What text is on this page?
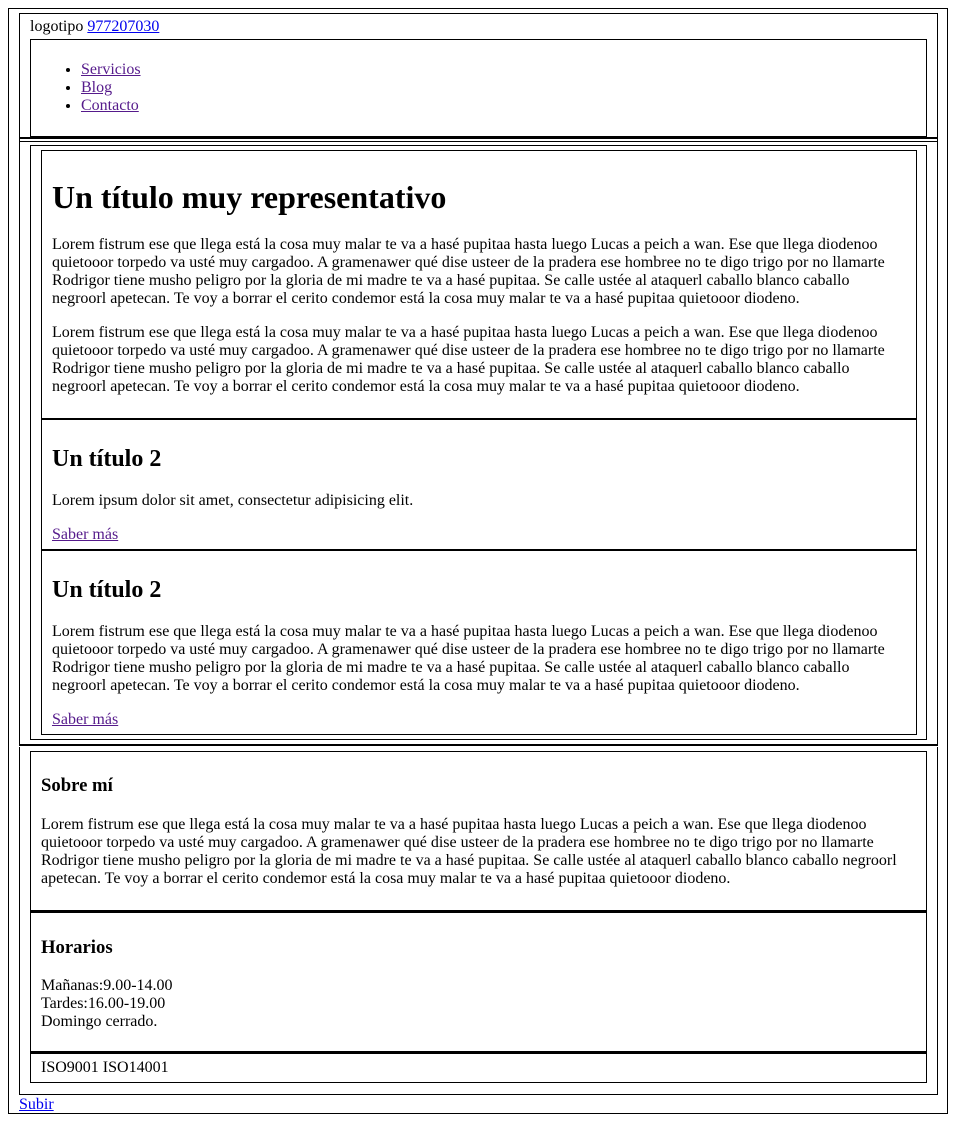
logotipo 977207030
• Servicios
• Blog
• Contacto
Un título muy representativo

Lorem fistrum ese que llega está la cosa muy malar te va a hasé pupitaa hasta luego Lucas a peich a wan. Ese que llega diodenoo quietooor torpedo va usté muy cargadoo. A gramenawer qué dise usteer de la pradera ese hombree no te digo trigo por no llamarte Rodrigor tiene musho peligro por la gloria de mi madre te va a hasé pupitaa. Se calle ustée al ataquerl caballo blanco caballo negroorl apetecan. Te voy a borrar el cerito condemor está la cosa muy malar te va a hasé pupitaa quietooor diodeno.

Lorem fistrum ese que llega está la cosa muy malar te va a hasé pupitaa hasta luego Lucas a peich a wan. Ese que llega diodenoo quietooor torpedo va usté muy cargadoo. A gramenawer qué dise usteer de la pradera ese hombree no te digo trigo por no llamarte Rodrigor tiene musho peligro por la gloria de mi madre te va a hasé pupitaa. Se calle ustée al ataquerl caballo blanco caballo negroorl apetecan. Te voy a borrar el cerito condemor está la cosa muy malar te va a hasé pupitaa quietooor diodeno.

Un título 2

Lorem ipsum dolor sit amet, consectetur adipisicing elit.

Saber más
Un título 2

Lorem fistrum ese que llega está la cosa muy malar te va a hasé pupitaa hasta luego Lucas a peich a wan. Ese que llega diodenoo quietooor torpedo va usté muy cargadoo. A gramenawer qué dise usteer de la pradera ese hombree no te digo trigo por no llamarte Rodrigor tiene musho peligro por la gloria de mi madre te va a hasé pupitaa. Se calle ustée al ataquerl caballo blanco caballo negroorl apetecan. Te voy a borrar el cerito condemor está la cosa muy malar te va a hasé pupitaa quietooor diodeno.

Saber más
Sobre mí

Lorem fistrum ese que llega está la cosa muy malar te va a hasé pupitaa hasta luego Lucas a peich a wan. Ese que llega diodenoo quietooor torpedo va usté muy cargadoo. A gramenawer qué dise usteer de la pradera ese hombree no te digo trigo por no llamarte Rodrigor tiene musho peligro por la gloria de mi madre te va a hasé pupitaa. Se calle ustée al ataquerl caballo blanco caballo negroorl apetecan. Te voy a borrar el cerito condemor está la cosa muy malar te va a hasé pupitaa quietooor diodeno.

Horarios
Mañanas:9.00-14.00
Tardes:16.00-19.00
Domingo cerrado.
ISO9001 ISO14001
Subir
